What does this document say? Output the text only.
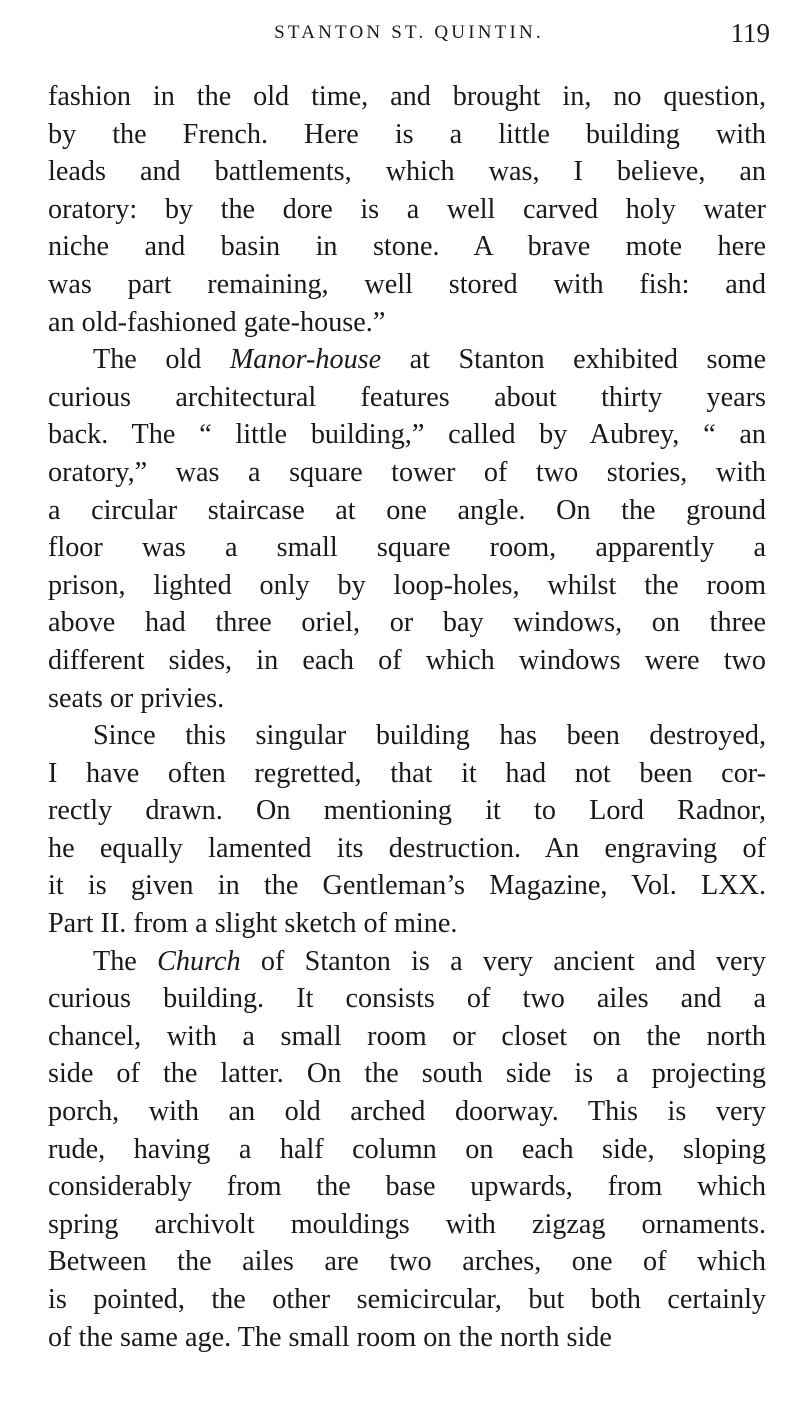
STANTON ST. QUINTIN.	119
fashion in the old time, and brought in, no question,
by the French. Here is a little building with
leads and battlements, which was, I believe, an
oratory: by the dore is a well carved holy water
niche and basin in stone. A brave mote here
was part remaining, well stored with fish: and
an old-fashioned gate-house.”
The old Manor-house at Stanton exhibited some
curious architectural features about thirty years
back. The “ little building,” called by Aubrey, “ an
oratory,” was a square tower of two stories, with
a circular staircase at one angle. On the ground
floor was a small square room, apparently a
prison, lighted only by loop-holes, whilst the room
above had three oriel, or bay windows, on three
different sides, in each of which windows were two
seats or privies.
Since this singular building has been destroyed,
I have often regretted, that it had not been cor-
rectly drawn. On mentioning it to Lord Radnor,
he equally lamented its destruction. An engraving of
it is given in the Gentleman’s Magazine, Vol. LXX.
Part II. from a slight sketch of mine.
The Church of Stanton is a very ancient and very
curious building. It consists of two ailes and a
chancel, with a small room or closet on the north
side of the latter. On the south side is a projecting
porch, with an old arched doorway. This is very
rude, having a half column on each side, sloping
considerably from the base upwards, from which
spring archivolt mouldings with zigzag ornaments.
Between the ailes are two arches, one of which
is pointed, the other semicircular, but both certainly
of the same age. The small room on the north side
